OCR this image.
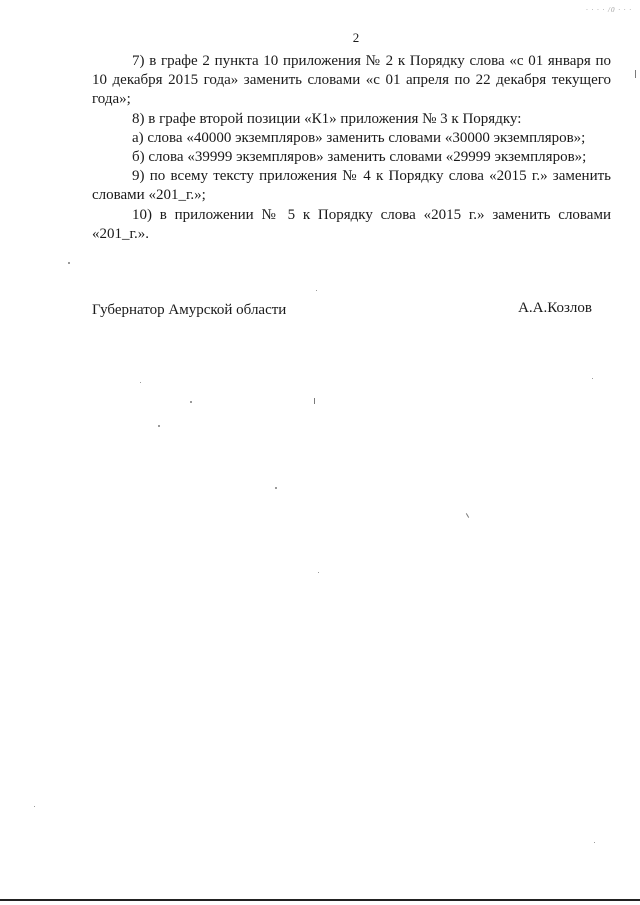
· · · · /0 · · ·
2

7) в графе 2 пункта 10 приложения № 2 к Порядку слова «с 01 января по 10 декабря 2015 года» заменить словами «с 01 апреля по 22 декабря текущего года»;

8) в графе второй позиции «К1» приложения № 3 к Порядку:

а) слова «40000 экземпляров» заменить словами «30000 экземпляров»;

б) слова «39999 экземпляров» заменить словами «29999 экземпляров»;

9) по всему тексту приложения № 4 к Порядку слова «2015 г.» заменить словами «201_г.»;

10) в приложении № 5 к Порядку слова «2015 г.» заменить словами «201_г.».

Губернатор Амурской области	А.А.Козлов
